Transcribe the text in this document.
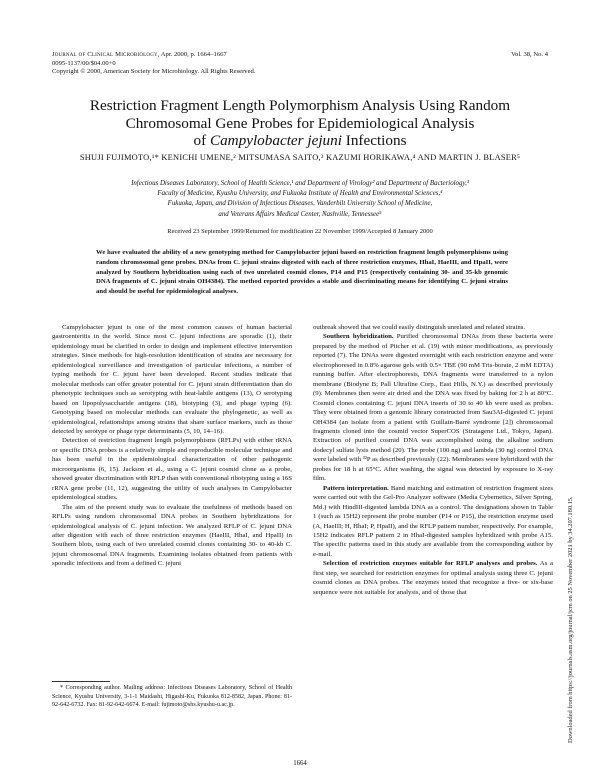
Journal of Clinical Microbiology, Apr. 2000, p. 1664–1667
0095-1137/00/$04.00+0
Copyright © 2000, American Society for Microbiology. All Rights Reserved.
Vol. 38, No. 4
Restriction Fragment Length Polymorphism Analysis Using Random
Chromosomal Gene Probes for Epidemiological Analysis
of Campylobacter jejuni Infections
SHUJI FUJIMOTO,¹* KENICHI UMENE,² MITSUMASA SAITO,³ KAZUMI HORIKAWA,⁴ AND MARTIN J. BLASER⁵
Infectious Diseases Laboratory, School of Health Science,¹ and Department of Virology² and Department of Bacteriology,³
Faculty of Medicine, Kyushu University, and Fukuoka Institute of Health and Environmental Sciences,⁴
Fukuoka, Japan, and Division of Infectious Diseases, Vanderbilt University School of Medicine,
and Veterans Affairs Medical Center, Nashville, Tennessee⁵
Received 23 September 1999/Returned for modification 22 November 1999/Accepted 8 January 2000
We have evaluated the ability of a new genotyping method for Campylobacter jejuni based on restriction fragment length polymorphisms using random chromosomal gene probes. DNAs from C. jejuni strains digested with each of three restriction enzymes, HhaI, HaeIII, and HpaII, were analyzed by Southern hybridization using each of two unrelated cosmid clones, P14 and P15 (respectively containing 30- and 35-kb genomic DNA fragments of C. jejuni strain OH4384). The method reported provides a stable and discriminating means for identifying C. jejuni strains and should be useful for epidemiological analyses.

Campylobacter jejuni is one of the most common causes of human bacterial gastroenteritis in the world. Since most C. jejuni infections are sporadic (1), their epidemiology must be clarified in order to design and implement effective intervention strategies. Since methods for high-resolution identification of strains are necessary for epidemiological surveillance and investigation of particular infections, a number of typing methods for C. jejuni have been developed. Recent studies indicate that molecular methods can offer greater potential for C. jejuni strain differentiation than do phenotypic techniques such as serotyping with heat-labile antigens (13), O serotyping based on lipopolysaccharide antigens (18), biotyping (3), and phage typing (6). Genotyping based on molecular methods can evaluate the phylogenetic, as well as epidemiological, relationships among strains that share surface markers, such as those detected by serotype or phage type determinants (5, 10, 14–16).

Detection of restriction fragment length polymorphisms (RFLPs) with either rRNA or specific DNA probes is a relatively simple and reproducible molecular technique and has been useful in the epidemiological characterization of other pathogenic microorganisms (6, 15). Jackson et al., using a C. jejuni cosmid clone as a probe, showed greater discrimination with RFLP than with conventional ribotyping using a 16S rRNA gene probe (11, 12), suggesting the utility of such analyses in Campylobacter epidemiological studies.

The aim of the present study was to evaluate the usefulness of methods based on RFLPs using random chromosomal DNA probes in Southern hybridizations for epidemiological analysis of C. jejuni infection. We analyzed RFLP of C. jejuni DNA after digestion with each of three restriction enzymes (HaeIII, HhaI, and HpaII) in Southern blots, using each of two unrelated cosmid clones containing 30- to 40-kb C. jejuni chromosomal DNA fragments. Examining isolates obtained from patients with sporadic infections and from a defined C. jejuni

outbreak showed that we could easily distinguish unrelated and related strains.

Southern hybridization. Purified chromosomal DNAs from these bacteria were prepared by the method of Pitcher et al. (19) with minor modifications, as previously reported (7). The DNAs were digested overnight with each restriction enzyme and were electrophoresed in 0.8% agarose gels with 0.5× TBE (90 mM Tris-borate, 2 mM EDTA) running buffer. After electrophoresis, DNA fragments were transferred to a nylon membrane (Biodyne B; Pall Ultrafine Corp., East Hills, N.Y.) as described previously (9). Membranes then were air dried and the DNA was fixed by baking for 2 h at 80°C. Cosmid clones containing C. jejuni DNA inserts of 30 to 40 kb were used as probes. They were obtained from a genomic library constructed from Sau3AI-digested C. jejuni OH4384 (an isolate from a patient with Guillain-Barré syndrome [2]) chromosomal fragments cloned into the cosmid vector SuperCOS (Stratagene Ltd., Tokyo, Japan). Extraction of purified cosmid DNA was accomplished using the alkaline sodium dodecyl sulfate lysis method (20). The probe (100 ng) and lambda (30 ng) control DNA were labeled with ³²P as described previously (22). Membranes were hybridized with the probes for 18 h at 65°C. After washing, the signal was detected by exposure to X-ray film.

Pattern interpretation. Band matching and estimation of restriction fragment sizes were carried out with the Gel-Pro Analyzer software (Media Cybernetics, Silver Spring, Md.) with HindIII-digested lambda DNA as a control. The designations shown in Table 1 (such as 15H2) represent the probe number (P14 or P15), the restriction enzyme used (A, HaeIII; H, HhaI; P, HpaII), and the RFLP pattern number, respectively. For example, 15H2 indicates RFLP pattern 2 in HhaI-digested samples hybridized with probe A15. The specific patterns used in this study are available from the corresponding author by e-mail.

Selection of restriction enzymes suitable for RFLP analyses and probes. As a first step, we searched for restriction enzymes for optimal analysis using three C. jejuni cosmid clones as DNA probes. The enzymes tested that recognize a five- or six-base sequence were not suitable for analysis, and of those that

* Corresponding author. Mailing address: Infectious Diseases Laboratory, School of Health Science, Kyushu University, 3-1-1 Maidashi, Higashi-Ku, Fukuoka 812-8582, Japan. Phone: 81-92-642-6732. Fax: 81-92-642-6674. E-mail: fujimoto@shs.kyushu-u.ac.jp.
1664
Downloaded from https://journals.asm.org/journal/jcm on 25 November 2021 by 34.207.180.15.
